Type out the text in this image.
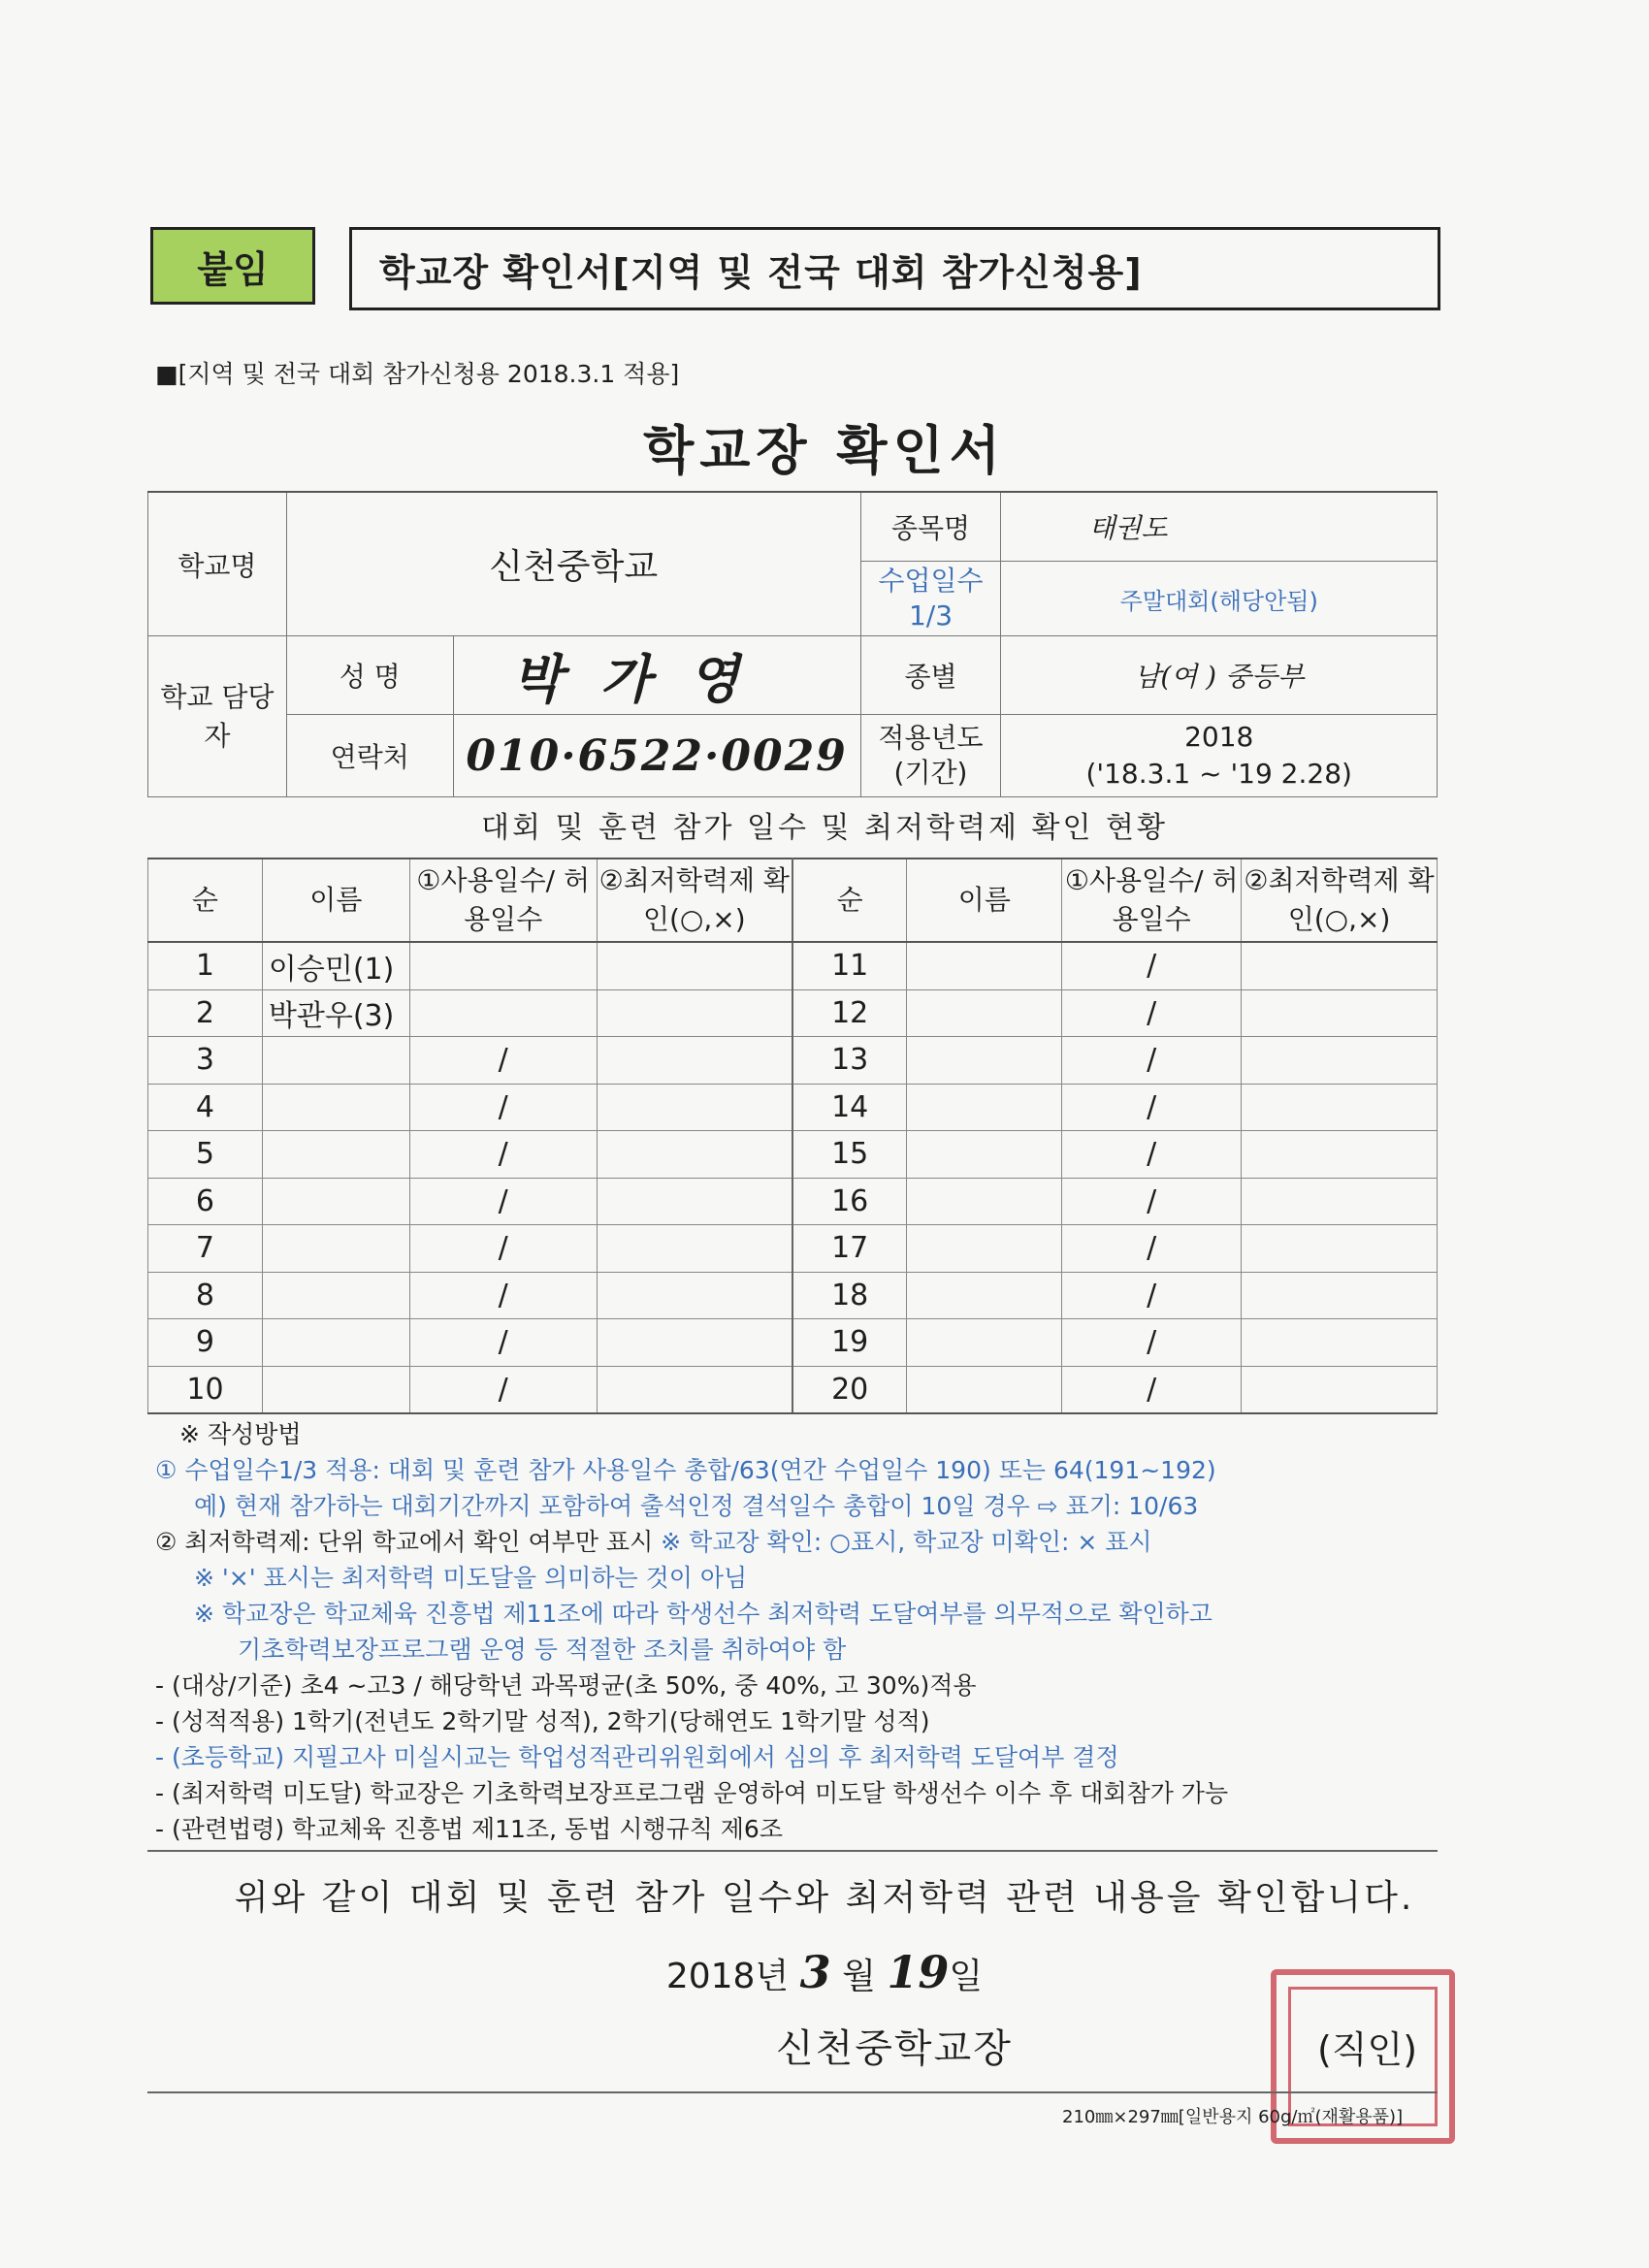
붙임	학교장 확인서[지역 및 전국 대회 참가신청용]
■[지역 및 전국 대회 참가신청용 2018.3.1 적용]
학교장 확인서
학교명	신천중학교		종목명	태권도
			수업일수 1/3	주말대회(해당안됨)
학교 담당자	성 명	박 가 영	종별	남(여 ) 중등부
	연락처	010·6522·0029	적용년도 (기간)	2018
('18.3.1 ~ '19 2.28)
대회 및 훈련 참가 일수 및 최저학력제 확인 현황
순	이름	①사용일수/ 허용일수	②최저학력제 확인(○,×)	순	이름	①사용일수/ 허용일수	②최저학력제 확인(○,×)
1	이승민(1)			11		/	
2	박관우(3)			12		/	
3		/		13		/	
4		/		14		/	
5		/		15		/	
6		/		16		/	
7		/		17		/	
8		/		18		/	
9		/		19		/	
10		/		20		/	
※ 작성방법
① 수업일수1/3 적용: 대회 및 훈련 참가 사용일수 총합/63(연간 수업일수 190) 또는 64(191~192)
예) 현재 참가하는 대회기간까지 포함하여 출석인정 결석일수 총합이 10일 경우 ⇨ 표기: 10/63
② 최저학력제: 단위 학교에서 확인 여부만 표시 ※ 학교장 확인: ○표시, 학교장 미확인: × 표시
※ '×' 표시는 최저학력 미도달을 의미하는 것이 아님
※ 학교장은 학교체육 진흥법 제11조에 따라 학생선수 최저학력 도달여부를 의무적으로 확인하고
기초학력보장프로그램 운영 등 적절한 조치를 취하여야 함
- (대상/기준) 초4 ~고3 / 해당학년 과목평균(초 50%, 중 40%, 고 30%)적용
- (성적적용) 1학기(전년도 2학기말 성적), 2학기(당해연도 1학기말 성적)
- (초등학교) 지필고사 미실시교는 학업성적관리위원회에서 심의 후 최저학력 도달여부 결정
- (최저학력 미도달) 학교장은 기초학력보장프로그램 운영하여 미도달 학생선수 이수 후 대회참가 가능
- (관련법령) 학교체육 진흥법 제11조, 동법 시행규칙 제6조
위와 같이 대회 및 훈련 참가 일수와 최저학력 관련 내용을 확인합니다.
2018년 3 월 19일
신천중학교장	(직인)
210㎜×297㎜[일반용지 60g/㎡(재활용품)]
